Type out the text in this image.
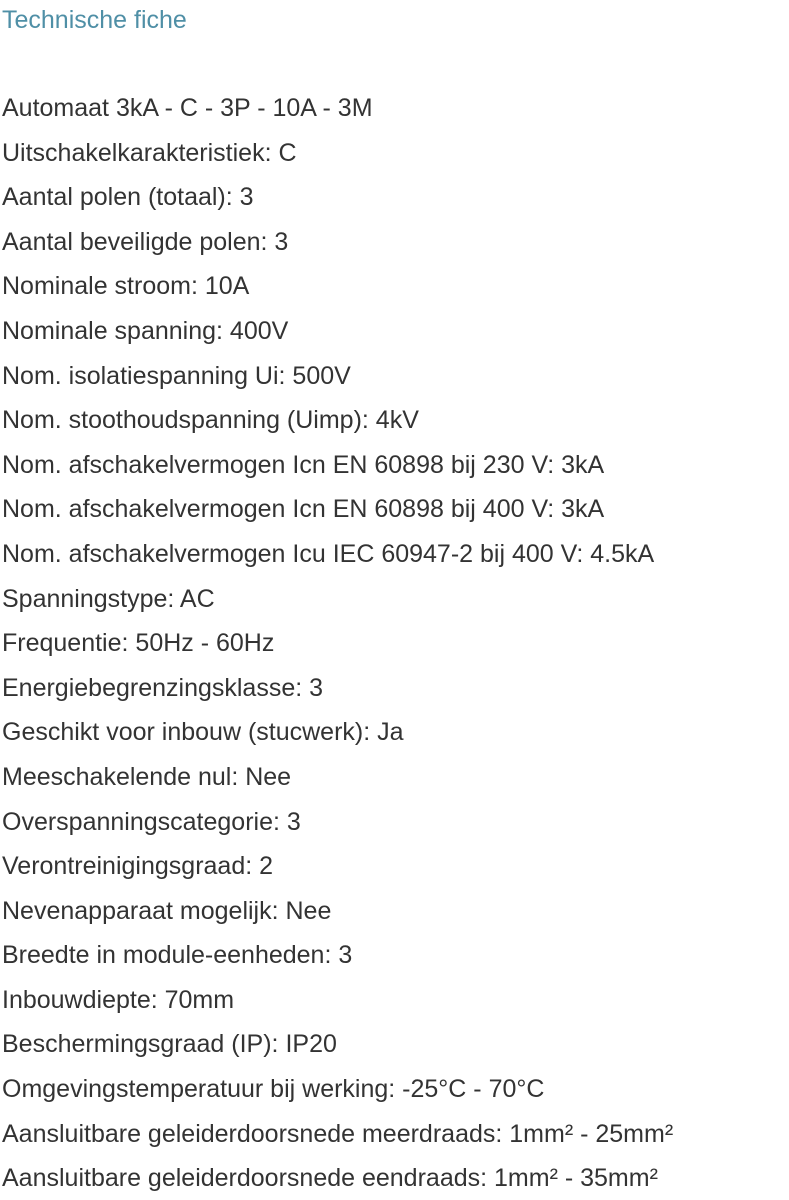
Technische fiche
Automaat 3kA - C - 3P - 10A - 3M
Uitschakelkarakteristiek: C
Aantal polen (totaal): 3
Aantal beveiligde polen: 3
Nominale stroom: 10A
Nominale spanning: 400V
Nom. isolatiespanning Ui: 500V
Nom. stoothoudspanning (Uimp): 4kV
Nom. afschakelvermogen Icn EN 60898 bij 230 V: 3kA
Nom. afschakelvermogen Icn EN 60898 bij 400 V: 3kA
Nom. afschakelvermogen Icu IEC 60947-2 bij 400 V: 4.5kA
Spanningstype: AC
Frequentie: 50Hz - 60Hz
Energiebegrenzingsklasse: 3
Geschikt voor inbouw (stucwerk): Ja
Meeschakelende nul: Nee
Overspanningscategorie: 3
Verontreinigingsgraad: 2
Nevenapparaat mogelijk: Nee
Breedte in module-eenheden: 3
Inbouwdiepte: 70mm
Beschermingsgraad (IP): IP20
Omgevingstemperatuur bij werking: -25°C - 70°C
Aansluitbare geleiderdoorsnede meerdraads: 1mm² - 25mm²
Aansluitbare geleiderdoorsnede eendraads: 1mm² - 35mm²
